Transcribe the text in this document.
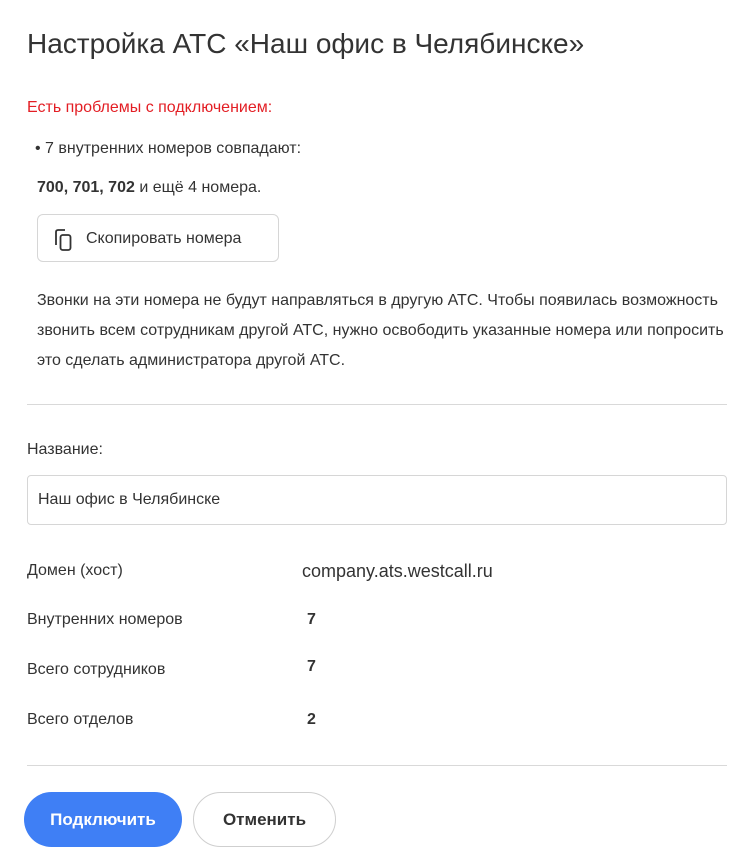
Настройка АТС «Наш офис в Челябинске»
Есть проблемы с подключением:
• 7 внутренних номеров совпадают:
700, 701, 702 и ещё 4 номера.
Скопировать номера
Звонки на эти номера не будут направляться в другую АТС. Чтобы появилась возможность звонить всем сотрудникам другой АТС, нужно освободить указанные номера или попросить это сделать администратора другой АТС.
Название:
Наш офис в Челябинске
Домен (хост)	company.ats.westcall.ru
Внутренних номеров	7
Всего сотрудников	7
Всего отделов	2
Подключить	Отменить
